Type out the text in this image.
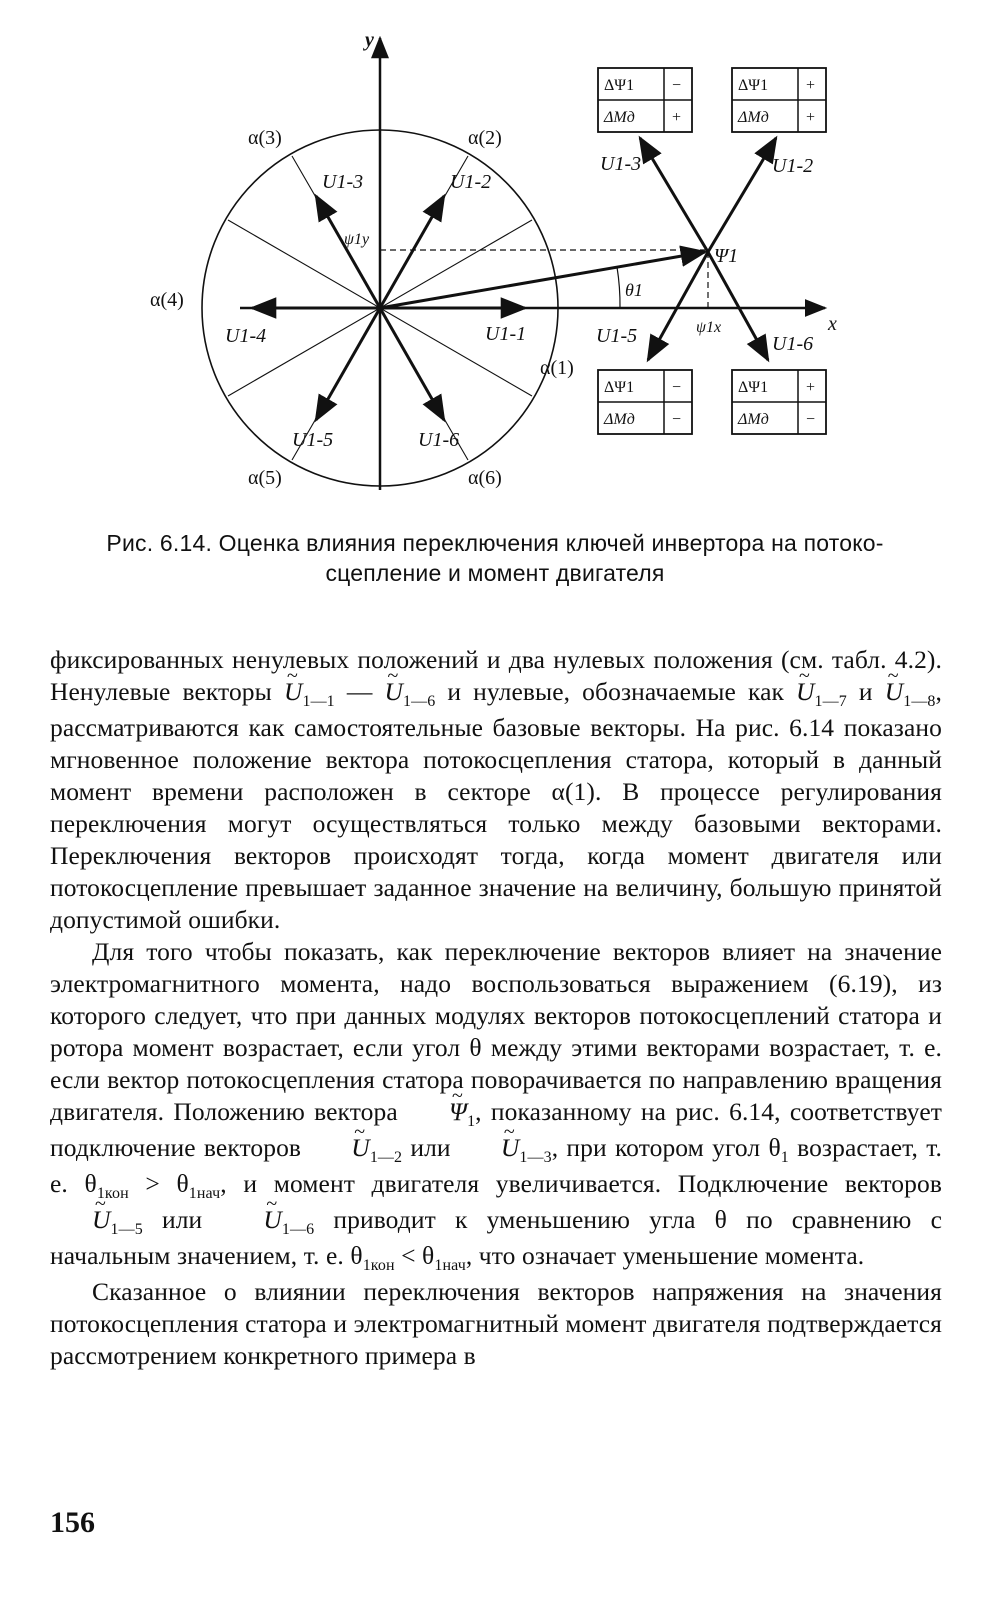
x
y
α(1)
α(2)
α(3)
α(4)
α(5)	α(6)
U1-1
U1-2
U1-3
U1-4
U1-5	U1-6
U1-3	U1-2
U1-5	U1-6
Ψ1
ψ1y
ψ1x
θ1
ΔΨ1 −
ΔMд +
ΔΨ1 +
ΔMд +
ΔΨ1 −
ΔMд −
ΔΨ1 +
ΔMд −
Рис. 6.14. Оценка влияния переключения ключей инвертора на потоко-
сцепление и момент двигателя

фиксированных ненулевых положений и два нулевых положения (см. табл. 4.2). Ненулевые векторы ~ $U_{1—1}$ — ~ $U_{1—6}$ и нулевые, обозначаемые как ~ $U_{1—7}$ и ~ $U_{1—8}$, рассматриваются как самостоятельные базовые векторы. На рис. 6.14 показано мгновенное положение вектора потокосцепления статора, который в данный момент времени расположен в секторе α(1). В процессе регулирования переключения могут осуществляться только между базовыми векторами. Переключения векторов происходят тогда, когда момент двигателя или потокосцепление превышает заданное значение на величину, большую принятой допустимой ошибки.

Для того чтобы показать, как переключение векторов влияет на значение электромагнитного момента, надо воспользоваться выражением (6.19), из которого следует, что при данных модулях векторов потокосцеплений статора и ротора момент возрастает, если угол θ между этими векторами возрастает, т. е. если вектор потокосцепления статора поворачивается по направлению вращения двигателя. Положению вектора ~ $\Psi_1$, показанному на рис. 6.14, соответствует подключение векторов ~ $U_{1—2}$ или ~ $U_{1—3}$, при котором угол $\theta_1$ возрастает, т. е. $\theta_{1кон} > \theta_{1нач}$, и момент двигателя увеличивается. Подключение векторов ~ $U_{1—5}$ или ~ $U_{1—6}$ приводит к уменьшению угла θ по сравнению с начальным значением, т. е. $\theta_{1кон} < \theta_{1нач}$, что означает уменьшение момента.

Сказанное о влиянии переключения векторов напряжения на значения потокосцепления статора и электромагнитный момент двигателя подтверждается рассмотрением конкретного примера в

156
